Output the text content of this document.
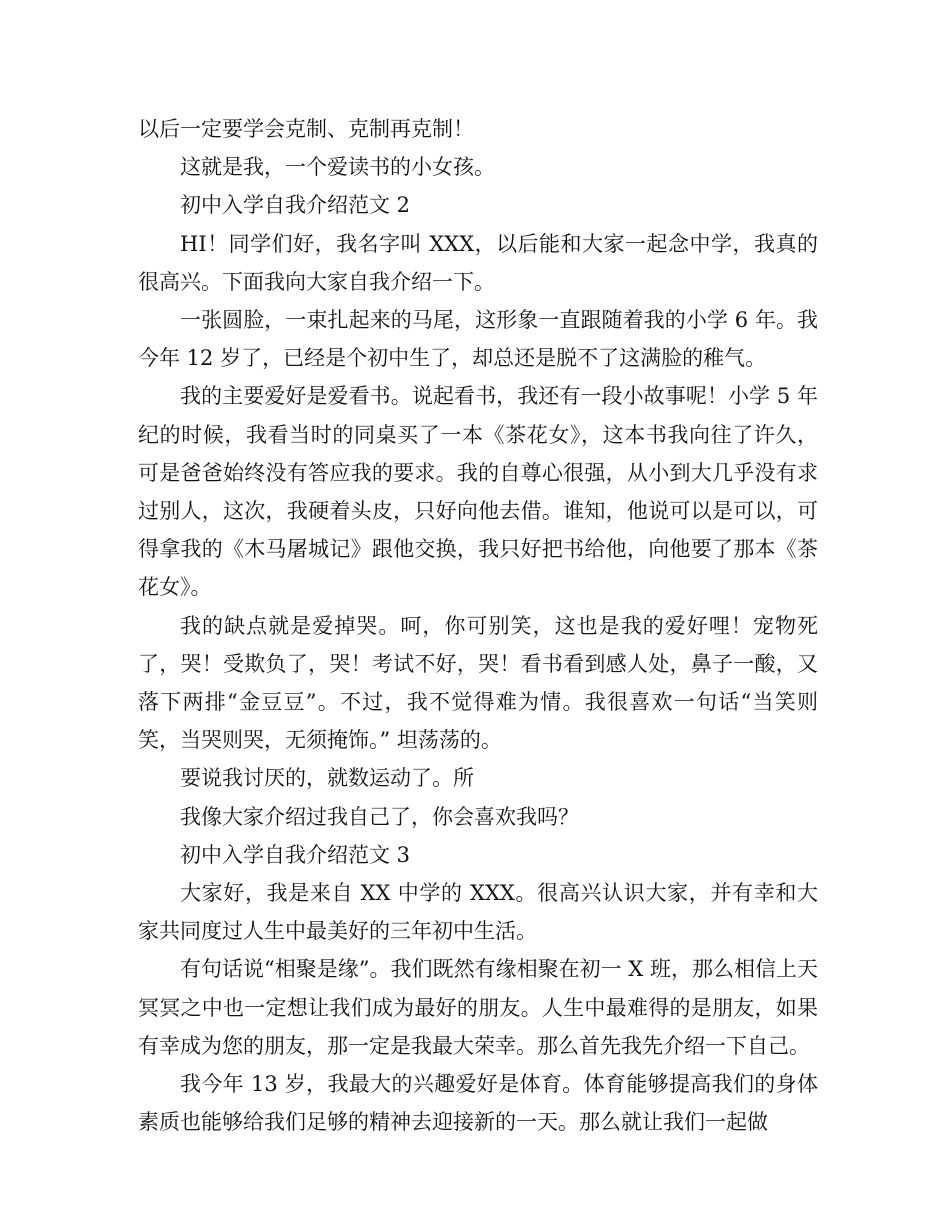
以后一定要学会克制、克制再克制！

这就是我，一个爱读书的小女孩。

初中入学自我介绍范文 2

HI！同学们好，我名字叫 XXX，以后能和大家一起念中学，我真的很高兴。下面我向大家自我介绍一下。

一张圆脸，一束扎起来的马尾，这形象一直跟随着我的小学 6 年。我今年 12 岁了，已经是个初中生了，却总还是脱不了这满脸的稚气。

我的主要爱好是爱看书。说起看书，我还有一段小故事呢！小学 5 年纪的时候，我看当时的同桌买了一本《茶花女》，这本书我向往了许久，可是爸爸始终没有答应我的要求。我的自尊心很强，从小到大几乎没有求过别人，这次，我硬着头皮，只好向他去借。谁知，他说可以是可以，可得拿我的《木马屠城记》跟他交换，我只好把书给他，向他要了那本《茶花女》。

我的缺点就是爱掉哭。呵，你可别笑，这也是我的爱好哩！宠物死了，哭！受欺负了，哭！考试不好，哭！看书看到感人处，鼻子一酸，又落下两排“金豆豆”。不过，我不觉得难为情。我很喜欢一句话“当笑则笑，当哭则哭，无须掩饰。” 坦荡荡的。

要说我讨厌的，就数运动了。所

我像大家介绍过我自己了，你会喜欢我吗？

初中入学自我介绍范文 3

大家好，我是来自 XX 中学的 XXX。很高兴认识大家，并有幸和大家共同度过人生中最美好的三年初中生活。

有句话说“相聚是缘”。我们既然有缘相聚在初一 X 班，那么相信上天冥冥之中也一定想让我们成为最好的朋友。人生中最难得的是朋友，如果有幸成为您的朋友，那一定是我最大荣幸。那么首先我先介绍一下自己。

我今年 13 岁，我最大的兴趣爱好是体育。体育能够提高我们的身体素质也能够给我们足够的精神去迎接新的一天。那么就让我们一起做
